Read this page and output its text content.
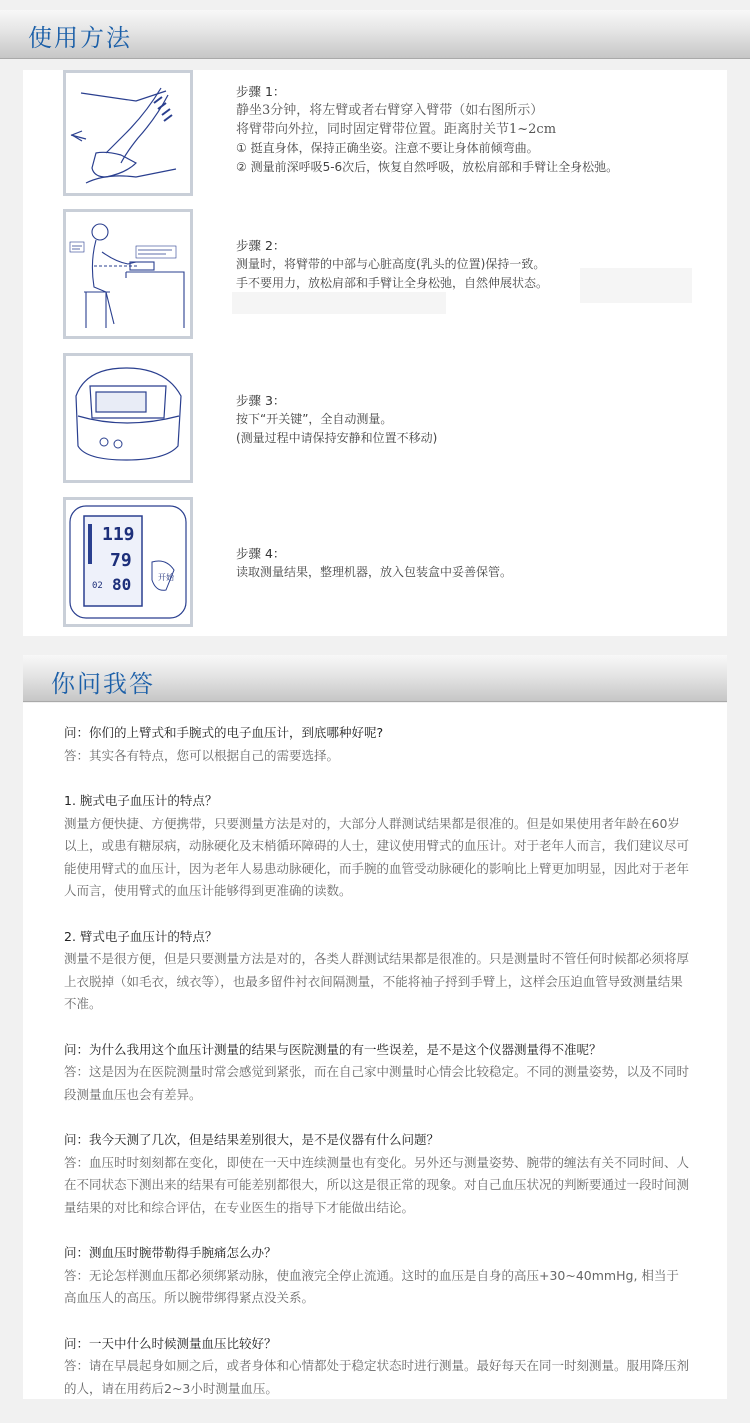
使用方法
步骤 1：
静坐3分钟，将左臂或者右臂穿入臂带（如右图所示）
将臂带向外拉，同时固定臂带位置。距离肘关节1~2cm
① 挺直身体，保持正确坐姿。注意不要让身体前倾弯曲。
② 测量前深呼吸5-6次后，恢复自然呼吸，放松肩部和手臂让全身松弛。
步骤 2：
测量时，将臂带的中部与心脏高度(乳头的位置)保持一致。
手不要用力，放松肩部和手臂让全身松弛，自然伸展状态。
步骤 3：
按下“开关键”，全自动测量。
(测量过程中请保持安静和位置不移动)
119
79
02 80	开始
步骤 4：
读取测量结果，整理机器，放入包装盒中妥善保管。
你问我答
问：你们的上臂式和手腕式的电子血压计，到底哪种好呢?
答：其实各有特点，您可以根据自己的需要选择。
1. 腕式电子血压计的特点？
测量方便快捷、方便携带，只要测量方法是对的，大部分人群测试结果都是很准的。但是如果使用者年龄在60岁以上，或患有糖尿病，动脉硬化及末梢循环障碍的人士，建议使用臂式的血压计。对于老年人而言，我们建议尽可能使用臂式的血压计，因为老年人易患动脉硬化，而手腕的血管受动脉硬化的影响比上臂更加明显，因此对于老年人而言，使用臂式的血压计能够得到更准确的读数。
2. 臂式电子血压计的特点？
测量不是很方便，但是只要测量方法是对的，各类人群测试结果都是很准的。只是测量时不管任何时候都必须将厚上衣脱掉（如毛衣，绒衣等），也最多留件衬衣间隔测量，不能将袖子捋到手臂上，这样会压迫血管导致测量结果不准。
问：为什么我用这个血压计测量的结果与医院测量的有一些误差，是不是这个仪器测量得不准呢？
答：这是因为在医院测量时常会感觉到紧张，而在自己家中测量时心情会比较稳定。不同的测量姿势，以及不同时段测量血压也会有差异。
问：我今天测了几次，但是结果差别很大，是不是仪器有什么问题？
答：血压时时刻刻都在变化，即使在一天中连续测量也有变化。另外还与测量姿势、腕带的缠法有关不同时间、人在不同状态下测出来的结果有可能差别都很大，所以这是很正常的现象。对自己血压状况的判断要通过一段时间测量结果的对比和综合评估，在专业医生的指导下才能做出结论。
问：测血压时腕带勒得手腕痛怎么办？
答：无论怎样测血压都必须绑紧动脉，使血液完全停止流通。这时的血压是自身的高压+30~40mmHg, 相当于高血压人的高压。所以腕带绑得紧点没关系。
问：一天中什么时候测量血压比较好？
答：请在早晨起身如厕之后，或者身体和心情都处于稳定状态时进行测量。最好每天在同一时刻测量。服用降压剂的人，请在用药后2~3小时测量血压。
